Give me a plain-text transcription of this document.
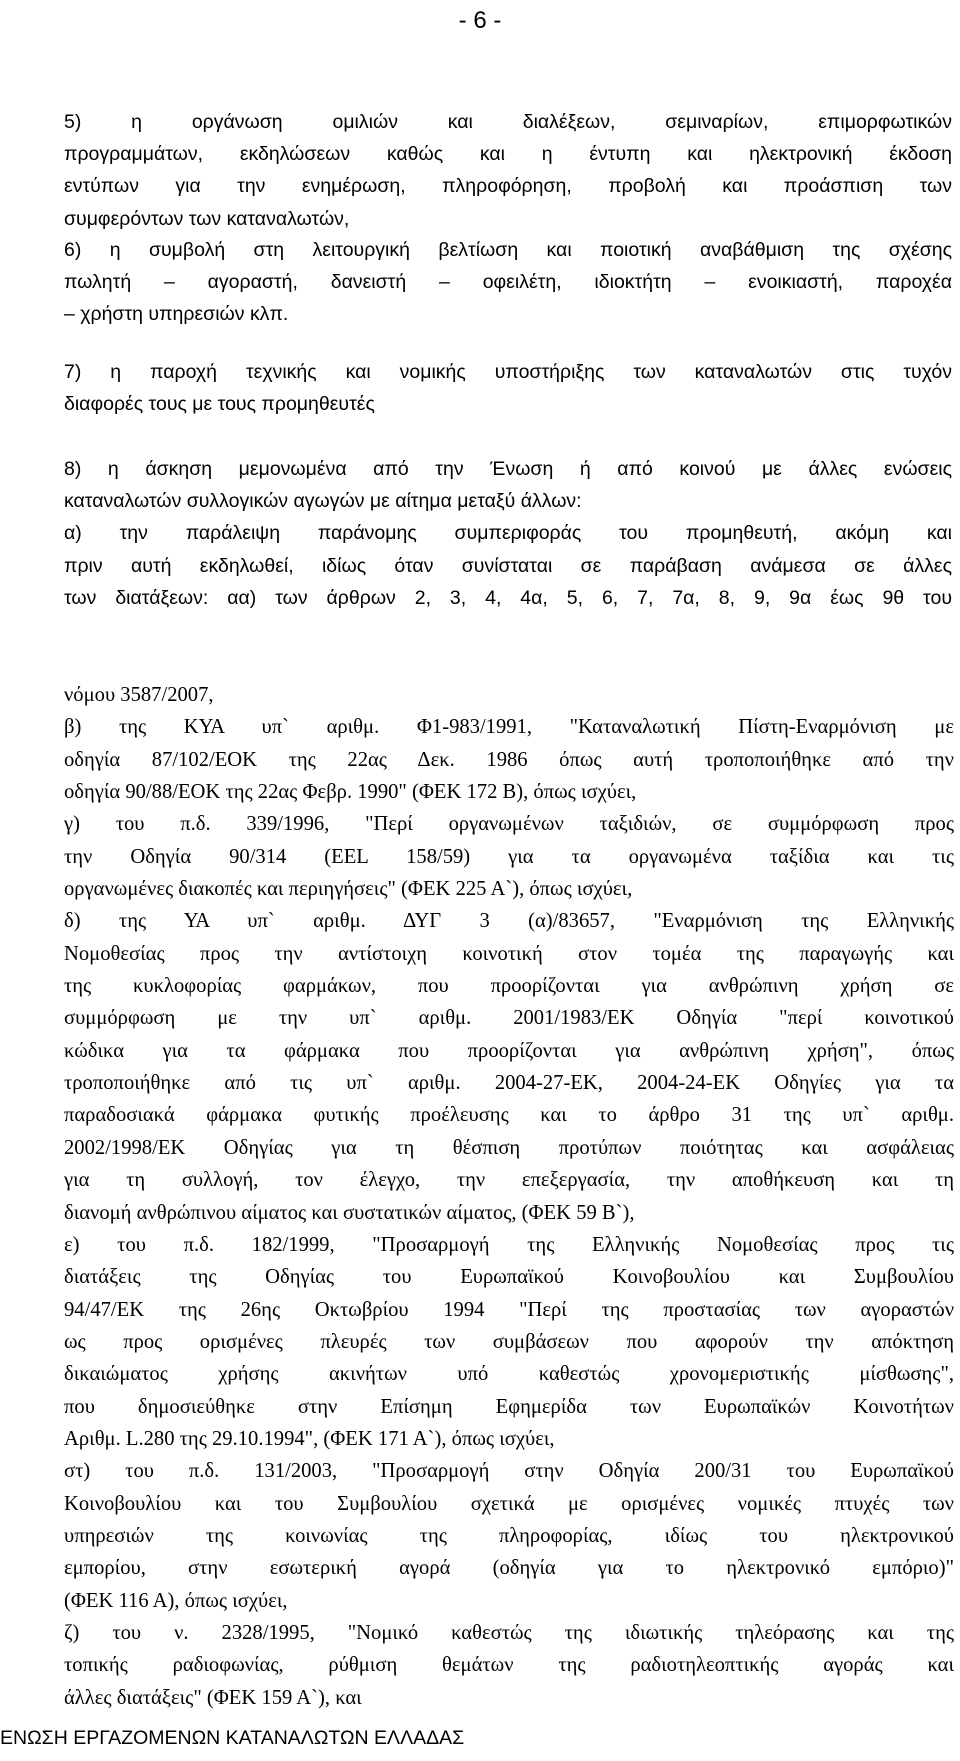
- 6 -
5) η οργάνωση ομιλιών και διαλέξεων, σεμιναρίων, επιμορφωτικών
προγραμμάτων, εκδηλώσεων καθώς και η έντυπη και ηλεκτρονική έκδοση
εντύπων για την ενημέρωση, πληροφόρηση, προβολή και προάσπιση των
συμφερόντων των καταναλωτών,
6) η συμβολή στη λειτουργική βελτίωση και ποιοτική αναβάθμιση της σχέσης
πωλητή – αγοραστή, δανειστή – οφειλέτη, ιδιοκτήτη – ενοικιαστή, παροχέα
– χρήστη υπηρεσιών κλπ.
7) η παροχή τεχνικής και νομικής υποστήριξης των καταναλωτών στις τυχόν
διαφορές τους με τους προμηθευτές
8) η άσκηση μεμονωμένα από την Ένωση ή από κοινού με άλλες ενώσεις
καταναλωτών συλλογικών αγωγών με αίτημα μεταξύ άλλων:
α) την παράλειψη παράνομης συμπεριφοράς του προμηθευτή, ακόμη και
πριν αυτή εκδηλωθεί, ιδίως όταν συνίσταται σε παράβαση ανάμεσα σε άλλες
των διατάξεων: αα) των άρθρων 2, 3, 4, 4α, 5, 6, 7, 7α, 8, 9, 9α έως 9θ του
νόμου 3587/2007,
β) της ΚΥΑ υπ` αριθμ. Φ1-983/1991, "Καταναλωτική Πίστη-Εναρμόνιση με
οδηγία 87/102/ΕΟΚ της 22ας Δεκ. 1986 όπως αυτή τροποποιήθηκε από την
οδηγία 90/88/ΕΟΚ της 22ας Φεβρ. 1990" (ΦΕΚ 172 Β), όπως ισχύει,
γ) του π.δ. 339/1996, "Περί οργανωμένων ταξιδιών, σε συμμόρφωση προς
την Οδηγία 90/314 (EEL 158/59) για τα οργανωμένα ταξίδια και τις
οργανωμένες διακοπές και περιηγήσεις" (ΦΕΚ 225 Α`), όπως ισχύει,
δ) της ΥΑ υπ` αριθμ. ΔΥΓ 3 (α)/83657, "Εναρμόνιση της Ελληνικής
Νομοθεσίας προς την αντίστοιχη κοινοτική στον τομέα της παραγωγής και
της κυκλοφορίας φαρμάκων, που προορίζονται για ανθρώπινη χρήση σε
συμμόρφωση με την υπ` αριθμ. 2001/1983/ΕΚ Οδηγία "περί κοινοτικού
κώδικα για τα φάρμακα που προορίζονται για ανθρώπινη χρήση", όπως
τροποποιήθηκε από τις υπ` αριθμ. 2004-27-ΕΚ, 2004-24-ΕΚ Οδηγίες για τα
παραδοσιακά φάρμακα φυτικής προέλευσης και το άρθρο 31 της υπ` αριθμ.
2002/1998/ΕΚ Οδηγίας για τη θέσπιση προτύπων ποιότητας και ασφάλειας
για τη συλλογή, τον έλεγχο, την επεξεργασία, την αποθήκευση και τη
διανομή ανθρώπινου αίματος και συστατικών αίματος, (ΦΕΚ 59 Β`),
ε) του π.δ. 182/1999, "Προσαρμογή της Ελληνικής Νομοθεσίας προς τις
διατάξεις της Οδηγίας του Ευρωπαϊκού Κοινοβουλίου και Συμβουλίου
94/47/ΕΚ της 26ης Οκτωβρίου 1994 "Περί της προστασίας των αγοραστών
ως προς ορισμένες πλευρές των συμβάσεων που αφορούν την απόκτηση
δικαιώματος χρήσης ακινήτων υπό καθεστώς χρονομεριστικής μίσθωσης",
που δημοσιεύθηκε στην Επίσημη Εφημερίδα των Ευρωπαϊκών Κοινοτήτων
Αριθμ. L.280 της 29.10.1994", (ΦΕΚ 171 Α`), όπως ισχύει,
στ) του π.δ. 131/2003, "Προσαρμογή στην Οδηγία 200/31 του Ευρωπαϊκού
Κοινοβουλίου και του Συμβουλίου σχετικά με ορισμένες νομικές πτυχές των
υπηρεσιών της κοινωνίας της πληροφορίας, ιδίως του ηλεκτρονικού
εμπορίου, στην εσωτερική αγορά (οδηγία για το ηλεκτρονικό εμπόριο)"
(ΦΕΚ 116 Α), όπως ισχύει,
ζ) του ν. 2328/1995, "Νομικό καθεστώς της ιδιωτικής τηλεόρασης και της
τοπικής ραδιοφωνίας, ρύθμιση θεμάτων της ραδιοτηλεοπτικής αγοράς και
άλλες διατάξεις" (ΦΕΚ 159 Α`), και
ΕΝΩΣΗ ΕΡΓΑΖΟΜΕΝΩΝ ΚΑΤΑΝΑΛΩΤΩΝ ΕΛΛΑΔΑΣ
